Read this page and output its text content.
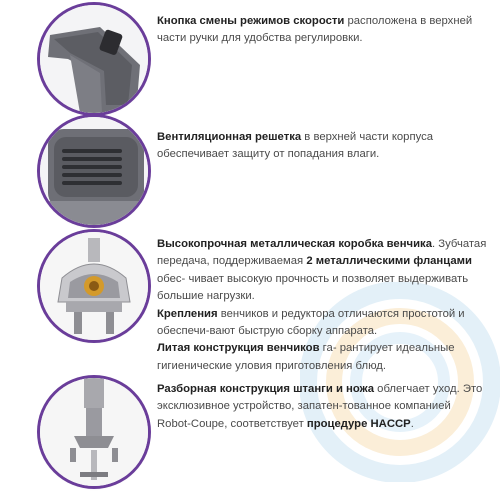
Кнопка смены режимов скорости расположена в верхней части ручки для удобства регулировки.

Вентиляционная решетка в верхней части корпуса обеспечивает защиту от попадания влаги.

Высокопрочная металлическая коробка венчика. Зубчатая передача, поддерживаемая 2 металлическими фланцами обес- чивает высокую прочность и позволяет выдерживать большие нагрузки.

Крепления венчиков и редуктора отличаются простотой и обеспечи-вают быструю сборку аппарата.

Литая конструкция венчиков га- рантирует идеальные гигиенические уловия приготовления блюд.

Разборная конструкция штанги и ножа облегчает уход. Это эксклюзивное устройство, запатен-тованное компанией Robot-Coupe, соответствует процедуре HACCP.
